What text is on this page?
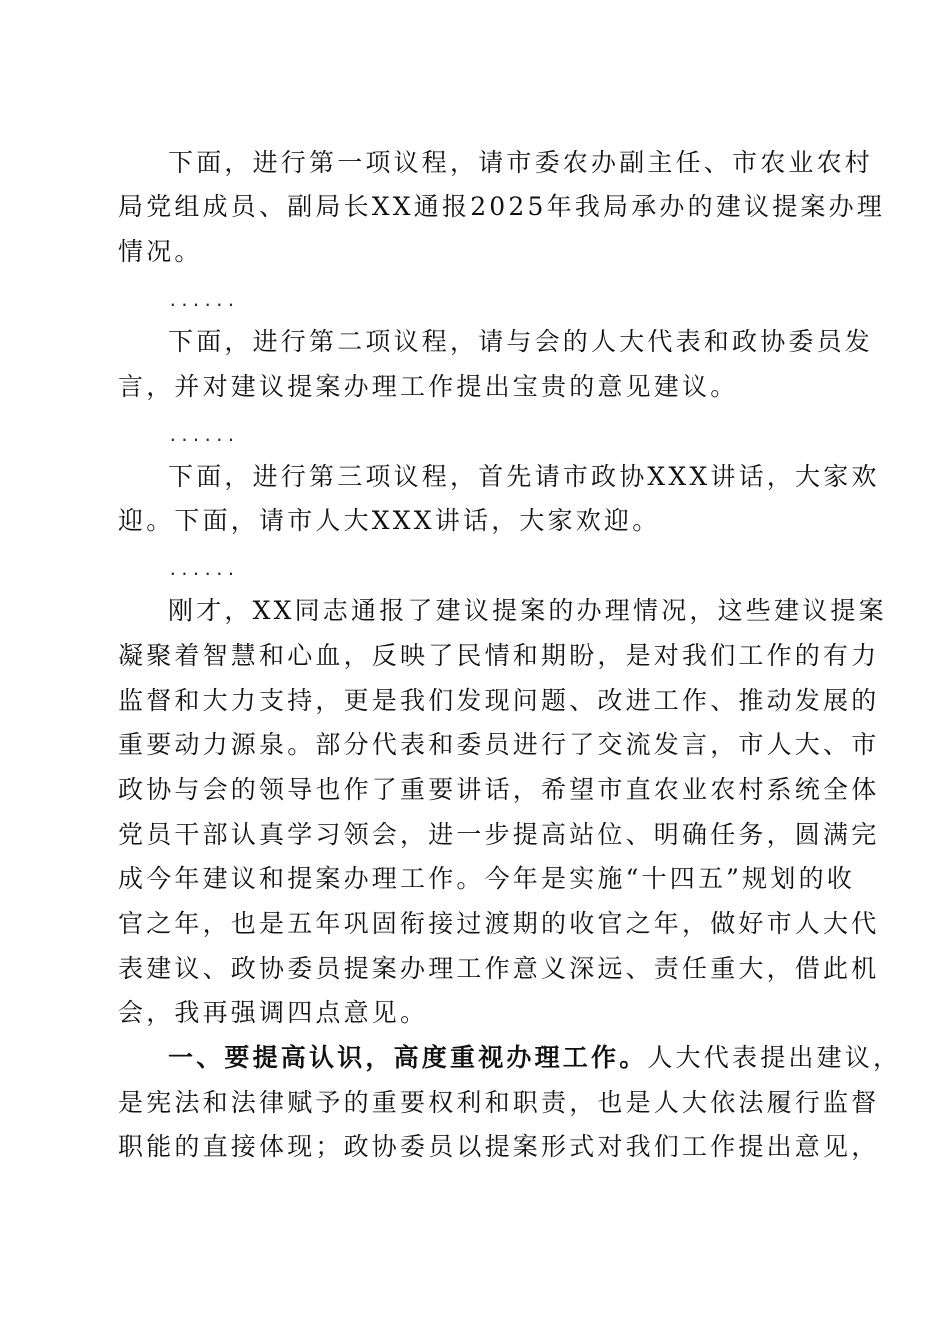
下面，进行第一项议程，请市委农办副主任、市农业农村
局党组成员、副局长XX通报2025年我局承办的建议提案办理
情况。
......
下面，进行第二项议程，请与会的人大代表和政协委员发
言，并对建议提案办理工作提出宝贵的意见建议。
......
下面，进行第三项议程，首先请市政协XXX讲话，大家欢
迎。下面，请市人大XXX讲话，大家欢迎。
......
刚才，XX同志通报了建议提案的办理情况，这些建议提案
凝聚着智慧和心血，反映了民情和期盼，是对我们工作的有力
监督和大力支持，更是我们发现问题、改进工作、推动发展的
重要动力源泉。部分代表和委员进行了交流发言，市人大、市
政协与会的领导也作了重要讲话，希望市直农业农村系统全体
党员干部认真学习领会，进一步提高站位、明确任务，圆满完
成今年建议和提案办理工作。今年是实施“十四五”规划的收
官之年，也是五年巩固衔接过渡期的收官之年，做好市人大代
表建议、政协委员提案办理工作意义深远、责任重大，借此机
会，我再强调四点意见。
一、要提高认识，高度重视办理工作。人大代表提出建议，
是宪法和法律赋予的重要权利和职责，也是人大依法履行监督
职能的直接体现；政协委员以提案形式对我们工作提出意见，
